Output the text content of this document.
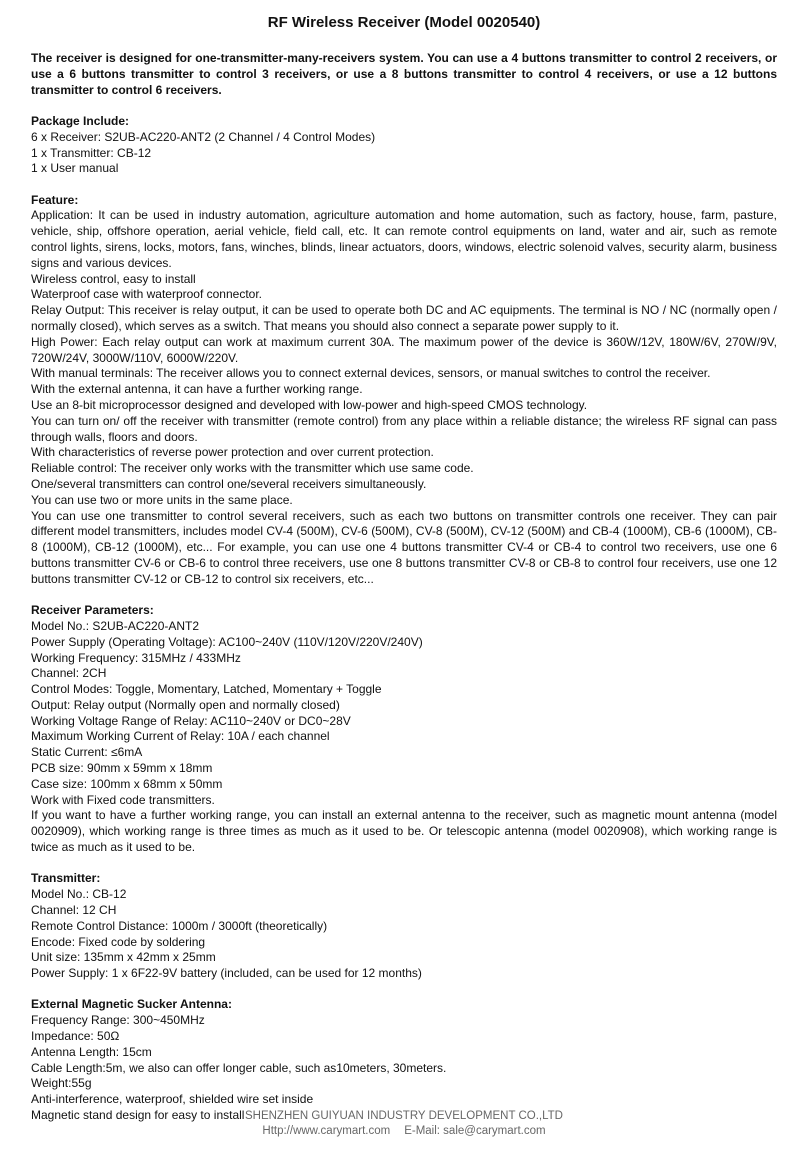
RF Wireless Receiver (Model 0020540)
The receiver is designed for one-transmitter-many-receivers system. You can use a 4 buttons transmitter to control 2 receivers, or use a 6 buttons transmitter to control 3 receivers, or use a 8 buttons transmitter to control 4 receivers, or use a 12 buttons transmitter to control 6 receivers.
Package Include:
6 x Receiver: S2UB-AC220-ANT2 (2 Channel / 4 Control Modes)
1 x Transmitter: CB-12
1 x User manual
Feature:
Application: It can be used in industry automation, agriculture automation and home automation, such as factory, house, farm, pasture, vehicle, ship, offshore operation, aerial vehicle, field call, etc. It can remote control equipments on land, water and air, such as remote control lights, sirens, locks, motors, fans, winches, blinds, linear actuators, doors, windows, electric solenoid valves, security alarm, business signs and various devices.
Wireless control, easy to install
Waterproof case with waterproof connector.
Relay Output: This receiver is relay output, it can be used to operate both DC and AC equipments. The terminal is NO / NC (normally open / normally closed), which serves as a switch. That means you should also connect a separate power supply to it.
High Power: Each relay output can work at maximum current 30A. The maximum power of the device is 360W/12V, 180W/6V, 270W/9V, 720W/24V, 3000W/110V, 6000W/220V.
With manual terminals: The receiver allows you to connect external devices, sensors, or manual switches to control the receiver.
With the external antenna, it can have a further working range.
Use an 8-bit microprocessor designed and developed with low-power and high-speed CMOS technology.
You can turn on/ off the receiver with transmitter (remote control) from any place within a reliable distance; the wireless RF signal can pass through walls, floors and doors.
With characteristics of reverse power protection and over current protection.
Reliable control: The receiver only works with the transmitter which use same code.
One/several transmitters can control one/several receivers simultaneously.
You can use two or more units in the same place.
You can use one transmitter to control several receivers, such as each two buttons on transmitter controls one receiver. They can pair different model transmitters, includes model CV-4 (500M), CV-6 (500M), CV-8 (500M), CV-12 (500M) and CB-4 (1000M), CB-6 (1000M), CB-8 (1000M), CB-12 (1000M), etc... For example, you can use one 4 buttons transmitter CV-4 or CB-4 to control two receivers, use one 6 buttons transmitter CV-6 or CB-6 to control three receivers, use one 8 buttons transmitter CV-8 or CB-8 to control four receivers, use one 12 buttons transmitter CV-12 or CB-12 to control six receivers, etc...
Receiver Parameters:
Model No.: S2UB-AC220-ANT2
Power Supply (Operating Voltage): AC100~240V (110V/120V/220V/240V)
Working Frequency: 315MHz / 433MHz
Channel: 2CH
Control Modes: Toggle, Momentary, Latched, Momentary + Toggle
Output: Relay output (Normally open and normally closed)
Working Voltage Range of Relay: AC110~240V or DC0~28V
Maximum Working Current of Relay: 10A / each channel
Static Current: ≤6mA
PCB size: 90mm x 59mm x 18mm
Case size: 100mm x 68mm x 50mm
Work with Fixed code transmitters.
If you want to have a further working range, you can install an external antenna to the receiver, such as magnetic mount antenna (model 0020909), which working range is three times as much as it used to be. Or telescopic antenna (model 0020908), which working range is twice as much as it used to be.
Transmitter:
Model No.: CB-12
Channel: 12 CH
Remote Control Distance: 1000m / 3000ft (theoretically)
Encode: Fixed code by soldering
Unit size: 135mm x 42mm x 25mm
Power Supply: 1 x 6F22-9V battery (included, can be used for 12 months)
External Magnetic Sucker Antenna:
Frequency Range: 300~450MHz
Impedance: 50Ω
Antenna Length: 15cm
Cable Length:5m, we also can offer longer cable, such as10meters, 30meters.
Weight:55g
Anti-interference, waterproof, shielded wire set inside
Magnetic stand design for easy to install SHENZHEN GUIYUAN INDUSTRY DEVELOPMENT CO.,LTD
Http://www.carymart.com E-Mail: sale@carymart.com
